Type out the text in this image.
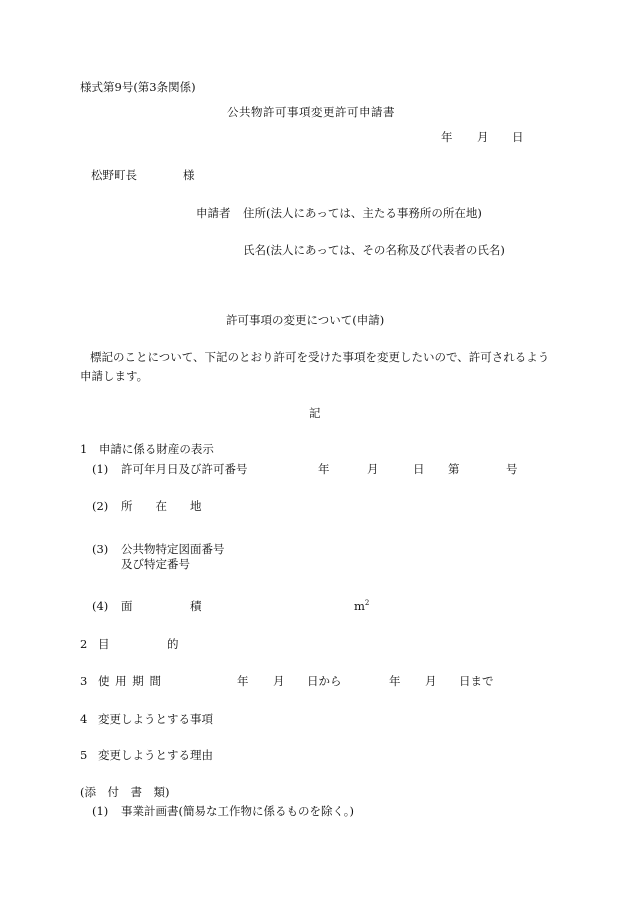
様式第9号(第3条関係)
公共物許可事項変更許可申請書
年 月 日
松野町長	様
申請者 住所(法人にあっては、主たる事務所の所在地)
氏名(法人にあっては、その名称及び代表者の氏名)
許可事項の変更について(申請)
標記のことについて、下記のとおり許可を受けた事項を変更したいので、許可されるよう申請します。
記
1　申請に係る財産の表示
(1) 許可年月日及び許可番号	年	月	日 第	号
(2) 所　　在　　地
(3) 公共物特定図面番号
及び特定番号
(4) 面　　　　　積	$m^2$
2 目　　　　　的
3 使 用 期 間	年 月 日から	年 月 日まで
4 変更しようとする事項
5 変更しようとする理由
(添　付　書　類)
(1) 事業計画書(簡易な工作物に係るものを除く。)
